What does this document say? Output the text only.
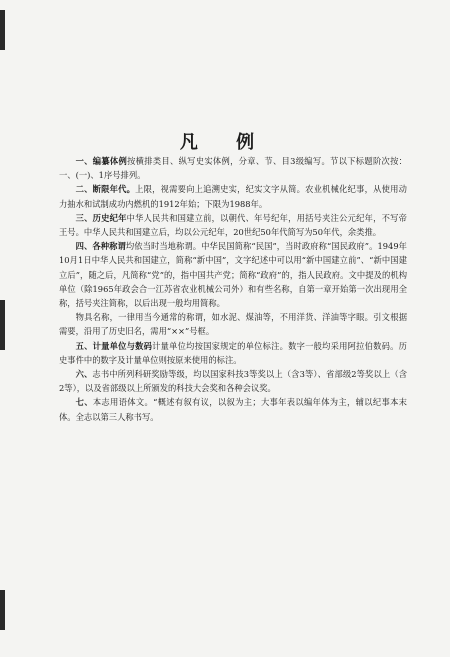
凡 例

一、编纂体例按横排类目、纵写史实体例，分章、节、目3级编写。节以下标题阶次按：一、(一)、1序号排列。

二、断限年代。上限，视需要向上追溯史实，纪实文字从简。农业机械化纪事，从使用动力抽水和试制成功内燃机的1912年始；下限为1988年。

三、历史纪年中华人民共和国建立前，以朝代、年号纪年，用括号夹注公元纪年，不写帝王号。中华人民共和国建立后，均以公元纪年，20世纪50年代简写为50年代，余类推。

四、各种称谓均依当时当地称谓。中华民国简称“民国”，当时政府称“国民政府”。1949年10月1日中华人民共和国建立，简称“新中国”，文字纪述中可以用“新中国建立前”、“新中国建立后”，随之后，凡简称“党”的，指中国共产党；简称“政府”的，指人民政府。文中提及的机构单位（除1965年政会合一江苏省农业机械公司外）和有些名称，自第一章开始第一次出现用全称，括号夹注简称，以后出现一般均用简称。

物具名称，一律用当今通常的称谓，如水泥、煤油等，不用洋货、洋油等字眼。引文根据需要，沿用了历史旧名，需用“××”号框。

五、计量单位与数码计量单位均按国家规定的单位标注。数字一般均采用阿拉伯数码。历史事件中的数字及计量单位则按原来使用的标注。

六、志书中所列科研奖励等级，均以国家科技3等奖以上（含3等）、省部级2等奖以上（含2等），以及省部级以上所颁发的科技大会奖和各种会议奖。

七、本志用语体文。“概述有叙有议，以叙为主；大事年表以编年体为主，辅以纪事本末体。全志以第三人称书写。
